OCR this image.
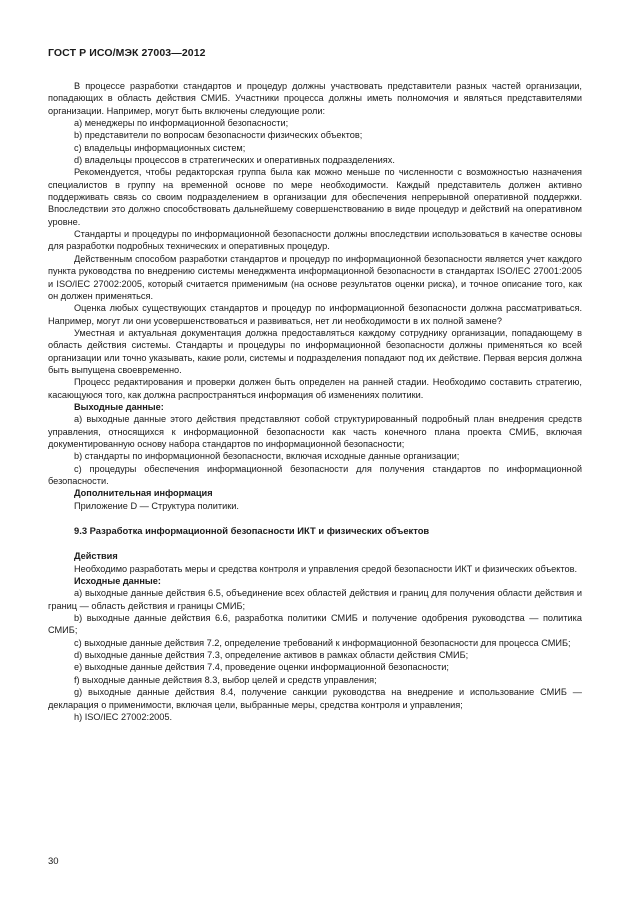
ГОСТ Р ИСО/МЭК 27003—2012

В процессе разработки стандартов и процедур должны участвовать представители разных частей организации, попадающих в область действия СМИБ. Участники процесса должны иметь полномочия и являться представителями организации. Например, могут быть включены следующие роли:

a) менеджеры по информационной безопасности;

b) представители по вопросам безопасности физических объектов;

c) владельцы информационных систем;

d) владельцы процессов в стратегических и оперативных подразделениях.

Рекомендуется, чтобы редакторская группа была как можно меньше по численности с возможностью назначения специалистов в группу на временной основе по мере необходимости. Каждый представитель должен активно поддерживать связь со своим подразделением в организации для обеспечения непрерывной оперативной поддержки. Впоследствии это должно способствовать дальнейшему совершенствованию в виде процедур и действий на оперативном уровне.

Стандарты и процедуры по информационной безопасности должны впоследствии использоваться в качестве основы для разработки подробных технических и оперативных процедур.

Действенным способом разработки стандартов и процедур по информационной безопасности является учет каждого пункта руководства по внедрению системы менеджмента информационной безопасности в стандартах ISO/IEC 27001:2005 и ISO/IEC 27002:2005, который считается применимым (на основе результатов оценки риска), и точное описание того, как он должен применяться.

Оценка любых существующих стандартов и процедур по информационной безопасности должна рассматриваться. Например, могут ли они усовершенствоваться и развиваться, нет ли необходимости в их полной замене?

Уместная и актуальная документация должна предоставляться каждому сотруднику организации, попадающему в область действия системы. Стандарты и процедуры по информационной безопасности должны применяться ко всей организации или точно указывать, какие роли, системы и подразделения попадают под их действие. Первая версия должна быть выпущена своевременно.

Процесс редактирования и проверки должен быть определен на ранней стадии. Необходимо составить стратегию, касающуюся того, как должна распространяться информация об изменениях политики.

Выходные данные:

a) выходные данные этого действия представляют собой структурированный подробный план внедрения средств управления, относящихся к информационной безопасности как часть конечного плана проекта СМИБ, включая документированную основу набора стандартов по информационной безопасности;

b) стандарты по информационной безопасности, включая исходные данные организации;

c) процедуры обеспечения информационной безопасности для получения стандартов по информационной безопасности.

Дополнительная информация

Приложение D — Структура политики.

9.3 Разработка информационной безопасности ИКТ и физических объектов

Действия

Необходимо разработать меры и средства контроля и управления средой безопасности ИКТ и физических объектов.

Исходные данные:

a) выходные данные действия 6.5, объединение всех областей действия и границ для получения области действия и границ — область действия и границы СМИБ;

b) выходные данные действия 6.6, разработка политики СМИБ и получение одобрения руководства — политика СМИБ;

c) выходные данные действия 7.2, определение требований к информационной безопасности для процесса СМИБ;

d) выходные данные действия 7.3, определение активов в рамках области действия СМИБ;

e) выходные данные действия 7.4, проведение оценки информационной безопасности;

f) выходные данные действия 8.3, выбор целей и средств управления;

g) выходные данные действия 8.4, получение санкции руководства на внедрение и использование СМИБ — декларация о применимости, включая цели, выбранные меры, средства контроля и управления;

h) ISO/IEC 27002:2005.

30
